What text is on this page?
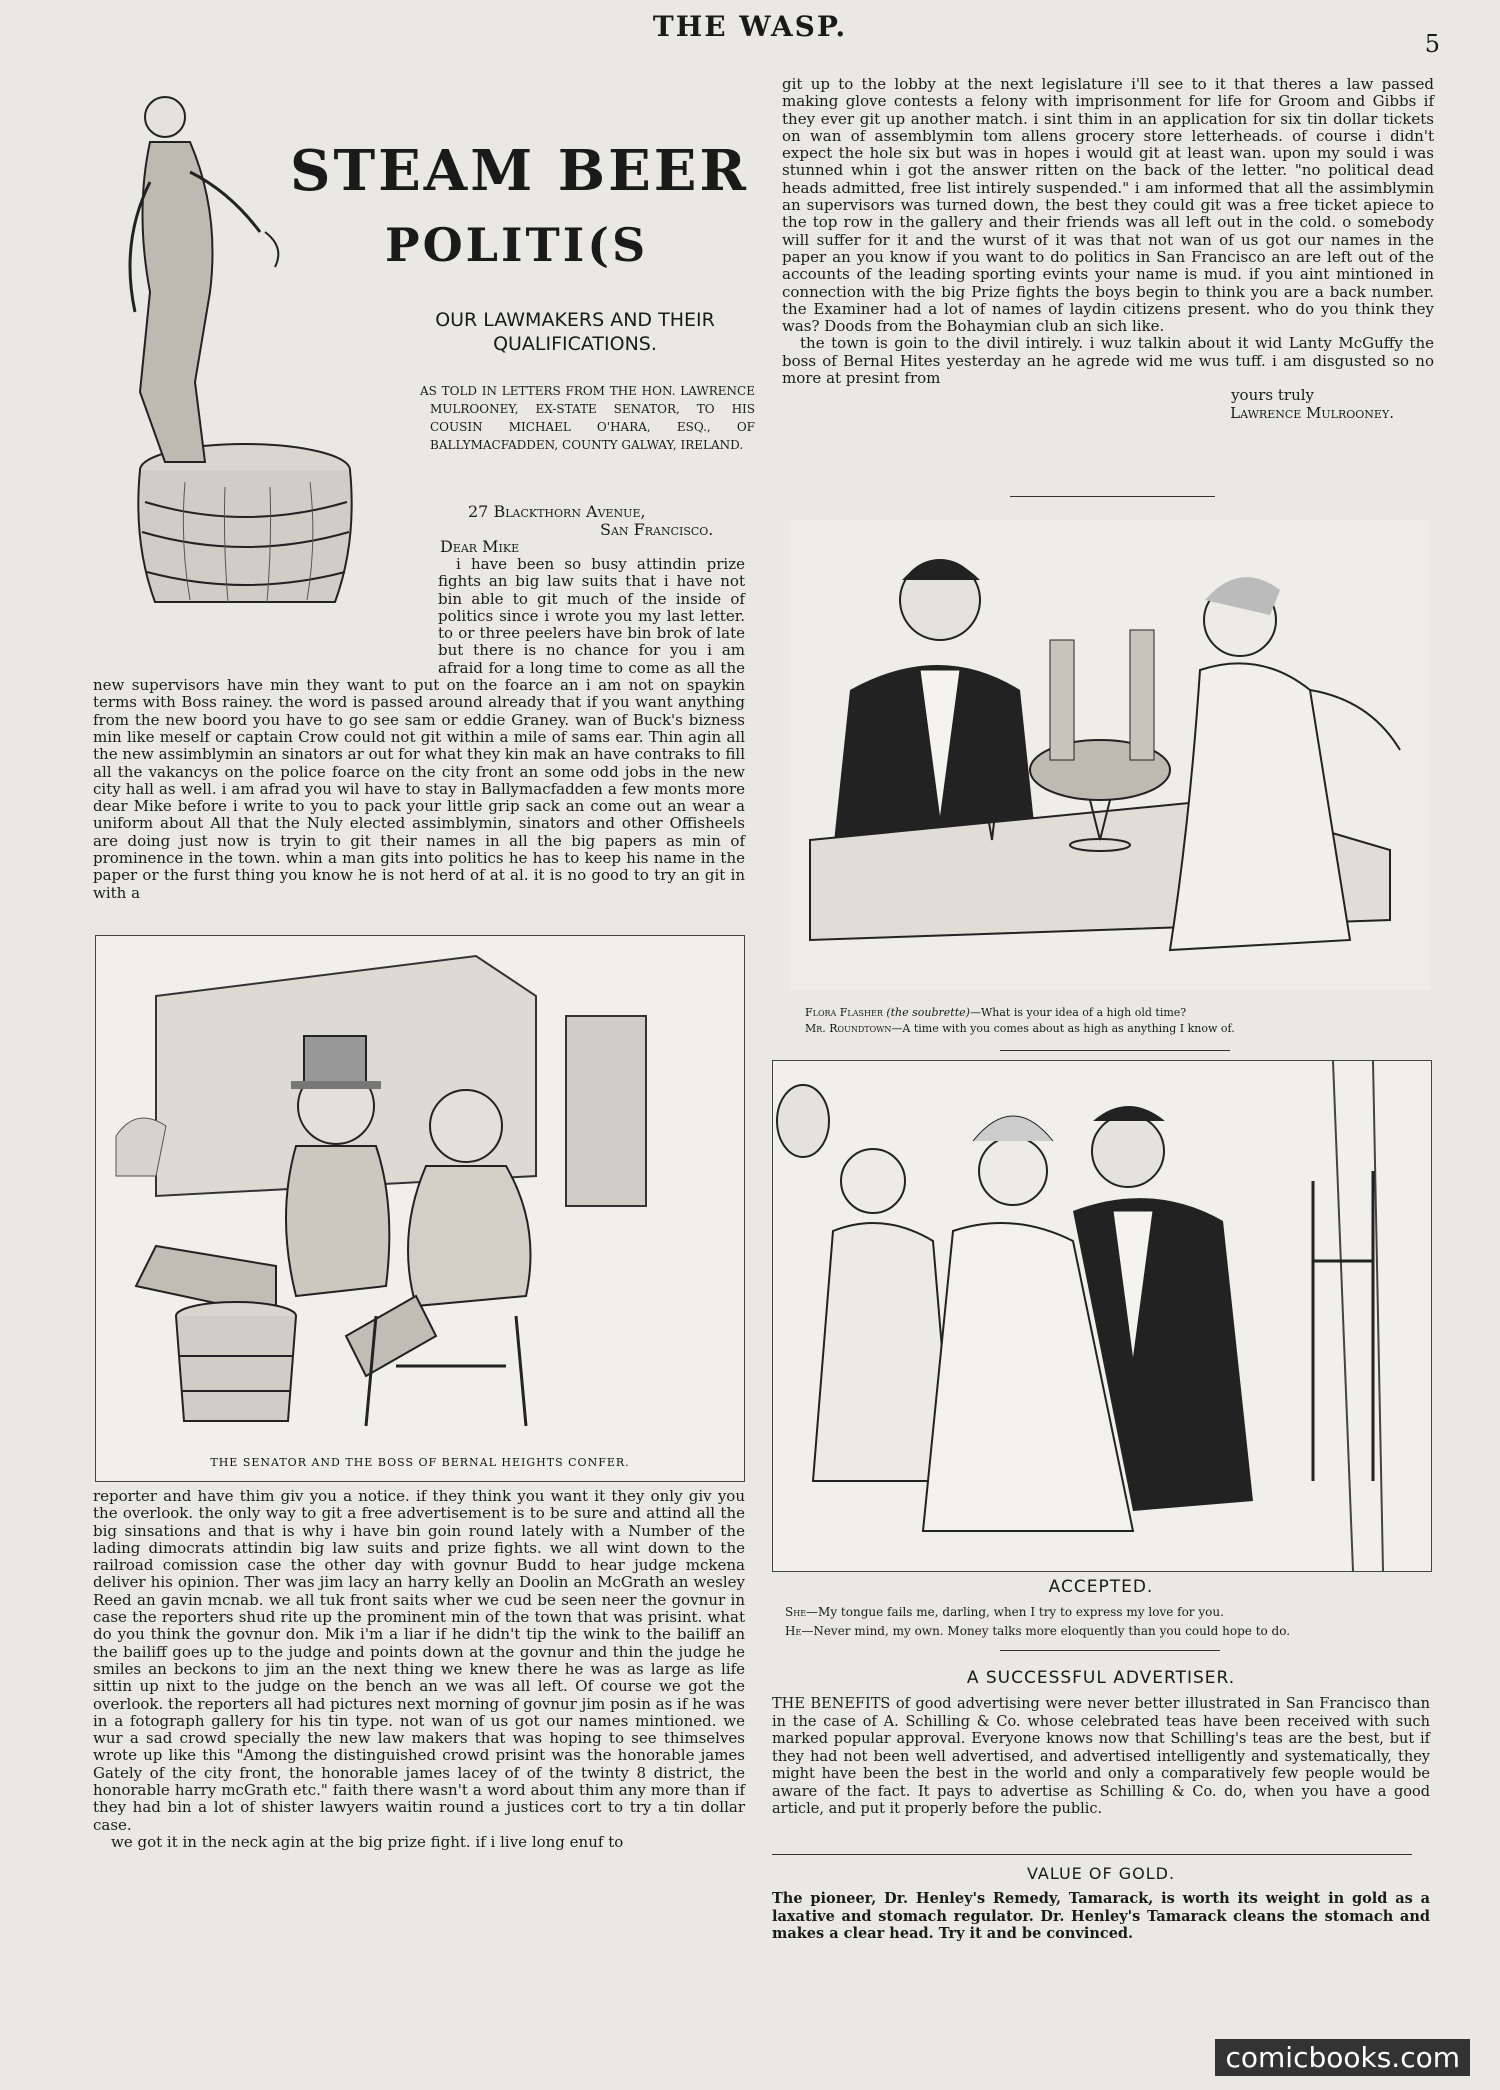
THE WASP.
5
STEAM BEER
POLITI(S
OUR LAWMAKERS AND THEIR QUALIFICATIONS.
AS TOLD IN LETTERS FROM THE HON. LAWRENCE MULROONEY, EX-STATE SENATOR, TO HIS COUSIN MICHAEL O'HARA, ESQ., OF BALLYMACFADDEN, COUNTY GALWAY, IRELAND.
27 Blackthorn Avenue,
San Francisco.
Dear Mike

i have been so busy attindin prize fights an big law suits that i have not bin able to git much of the inside of politics since i wrote you my last letter. to or three peelers have bin brok of late but there is no chance for you i am afraid for a long time to come as all the new supervisors have min they want to put on the foarce an i am not on spaykin terms with Boss rainey. the word is passed around already that if you want anything from the new boord you have to go see sam or eddie Graney. wan of Buck's bizness min like meself or captain Crow could not git within a mile of sams ear. Thin agin all the new assimblymin an sinators ar out for what they kin mak an have contraks to fill all the vakancys on the police foarce on the city front an some odd jobs in the new city hall as well. i am afrad you wil have to stay in Ballymacfadden a few monts more dear Mike before i write to you to pack your little grip sack an come out an wear a uniform about All that the Nuly elected assimblymin, sinators and other Offisheels are doing just now is tryin to git their names in all the big papers as min of prominence in the town. whin a man gits into politics he has to keep his name in the paper or the furst thing you know he is not herd of at al. it is no good to try an git in with a

THE SENATOR AND THE BOSS OF BERNAL HEIGHTS CONFER.

reporter and have thim giv you a notice. if they think you want it they only giv you the overlook. the only way to git a free advertisement is to be sure and attind all the big sinsations and that is why i have bin goin round lately with a Number of the lading dimocrats attindin big law suits and prize fights. we all wint down to the railroad comission case the other day with govnur Budd to hear judge mckena deliver his opinion. Ther was jim lacy an harry kelly an Doolin an McGrath an wesley Reed an gavin mcnab. we all tuk front saits wher we cud be seen neer the govnur in case the reporters shud rite up the prominent min of the town that was prisint. what do you think the govnur don. Mik i'm a liar if he didn't tip the wink to the bailiff an the bailiff goes up to the judge and points down at the govnur and thin the judge he smiles an beckons to jim an the next thing we knew there he was as large as life sittin up nixt to the judge on the bench an we was all left. Of course we got the overlook. the reporters all had pictures next morning of govnur jim posin as if he was in a fotograph gallery for his tin type. not wan of us got our names mintioned. we wur a sad crowd specially the new law makers that was hoping to see thimselves wrote up like this "Among the distinguished crowd prisint was the honorable james Gately of the city front, the honorable james lacey of of the twinty 8 district, the honorable harry mcGrath etc." faith there wasn't a word about thim any more than if they had bin a lot of shister lawyers waitin round a justices cort to try a tin dollar case.

we got it in the neck agin at the big prize fight. if i live long enuf to

git up to the lobby at the next legislature i'll see to it that theres a law passed making glove contests a felony with imprisonment for life for Groom and Gibbs if they ever git up another match. i sint thim in an application for six tin dollar tickets on wan of assemblymin tom allens grocery store letterheads. of course i didn't expect the hole six but was in hopes i would git at least wan. upon my sould i was stunned whin i got the answer ritten on the back of the letter. "no political dead heads admitted, free list intirely suspended." i am informed that all the assimblymin an supervisors was turned down, the best they could git was a free ticket apiece to the top row in the gallery and their friends was all left out in the cold. o somebody will suffer for it and the wurst of it was that not wan of us got our names in the paper an you know if you want to do politics in San Francisco an are left out of the accounts of the leading sporting evints your name is mud. if you aint mintioned in connection with the big Prize fights the boys begin to think you are a back number. the Examiner had a lot of names of laydin citizens present. who do you think they was? Doods from the Bohaymian club an sich like.

the town is goin to the divil intirely. i wuz talkin about it wid Lanty McGuffy the boss of Bernal Hites yesterday an he agrede wid me wus tuff. i am disgusted so no more at presint from

yours truly
Lawrence Mulrooney.
Flora Flasher (the soubrette)—What is your idea of a high old time?
Mr. Roundtown—A time with you comes about as high as anything I know of.
ACCEPTED.
She—My tongue fails me, darling, when I try to express my love for you.
He—Never mind, my own. Money talks more eloquently than you could hope to do.
A SUCCESSFUL ADVERTISER.

THE BENEFITS of good advertising were never better illustrated in San Francisco than in the case of A. Schilling & Co. whose celebrated teas have been received with such marked popular approval. Everyone knows now that Schilling's teas are the best, but if they had not been well advertised, and advertised intelligently and systematically, they might have been the best in the world and only a comparatively few people would be aware of the fact. It pays to advertise as Schilling & Co. do, when you have a good article, and put it properly before the public.

VALUE OF GOLD.

The pioneer, Dr. Henley's Remedy, Tamarack, is worth its weight in gold as a laxative and stomach regulator. Dr. Henley's Tamarack cleans the stomach and makes a clear head. Try it and be convinced.

comicbooks.com
